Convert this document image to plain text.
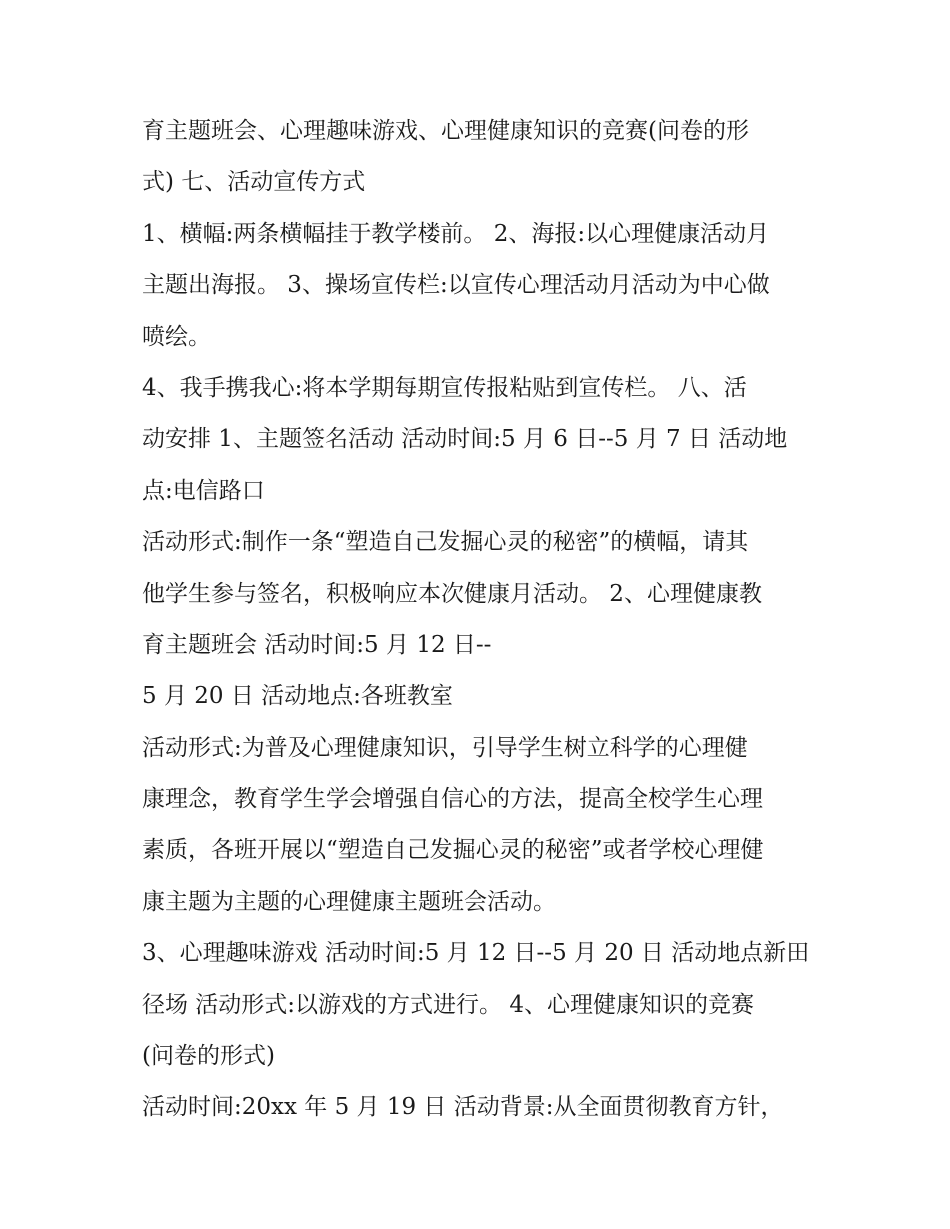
育主题班会、心理趣味游戏、心理健康知识的竞赛(问卷的形
式) 七、活动宣传方式
1、横幅:两条横幅挂于教学楼前。 2、海报:以心理健康活动月
主题出海报。 3、操场宣传栏:以宣传心理活动月活动为中心做
喷绘。
4、我手携我心:将本学期每期宣传报粘贴到宣传栏。 八、活
动安排 1、主题签名活动 活动时间:5 月 6 日--5 月 7 日 活动地
点:电信路口
活动形式:制作一条“塑造自己发掘心灵的秘密”的横幅，请其
他学生参与签名，积极响应本次健康月活动。 2、心理健康教
育主题班会 活动时间:5 月 12 日--
5 月 20 日 活动地点:各班教室
活动形式:为普及心理健康知识，引导学生树立科学的心理健
康理念，教育学生学会增强自信心的方法，提高全校学生心理
素质，各班开展以“塑造自己发掘心灵的秘密”或者学校心理健
康主题为主题的心理健康主题班会活动。
3、心理趣味游戏 活动时间:5 月 12 日--5 月 20 日 活动地点新田
径场 活动形式:以游戏的方式进行。 4、心理健康知识的竞赛
(问卷的形式)
活动时间:20xx 年 5 月 19 日 活动背景:从全面贯彻教育方针，
